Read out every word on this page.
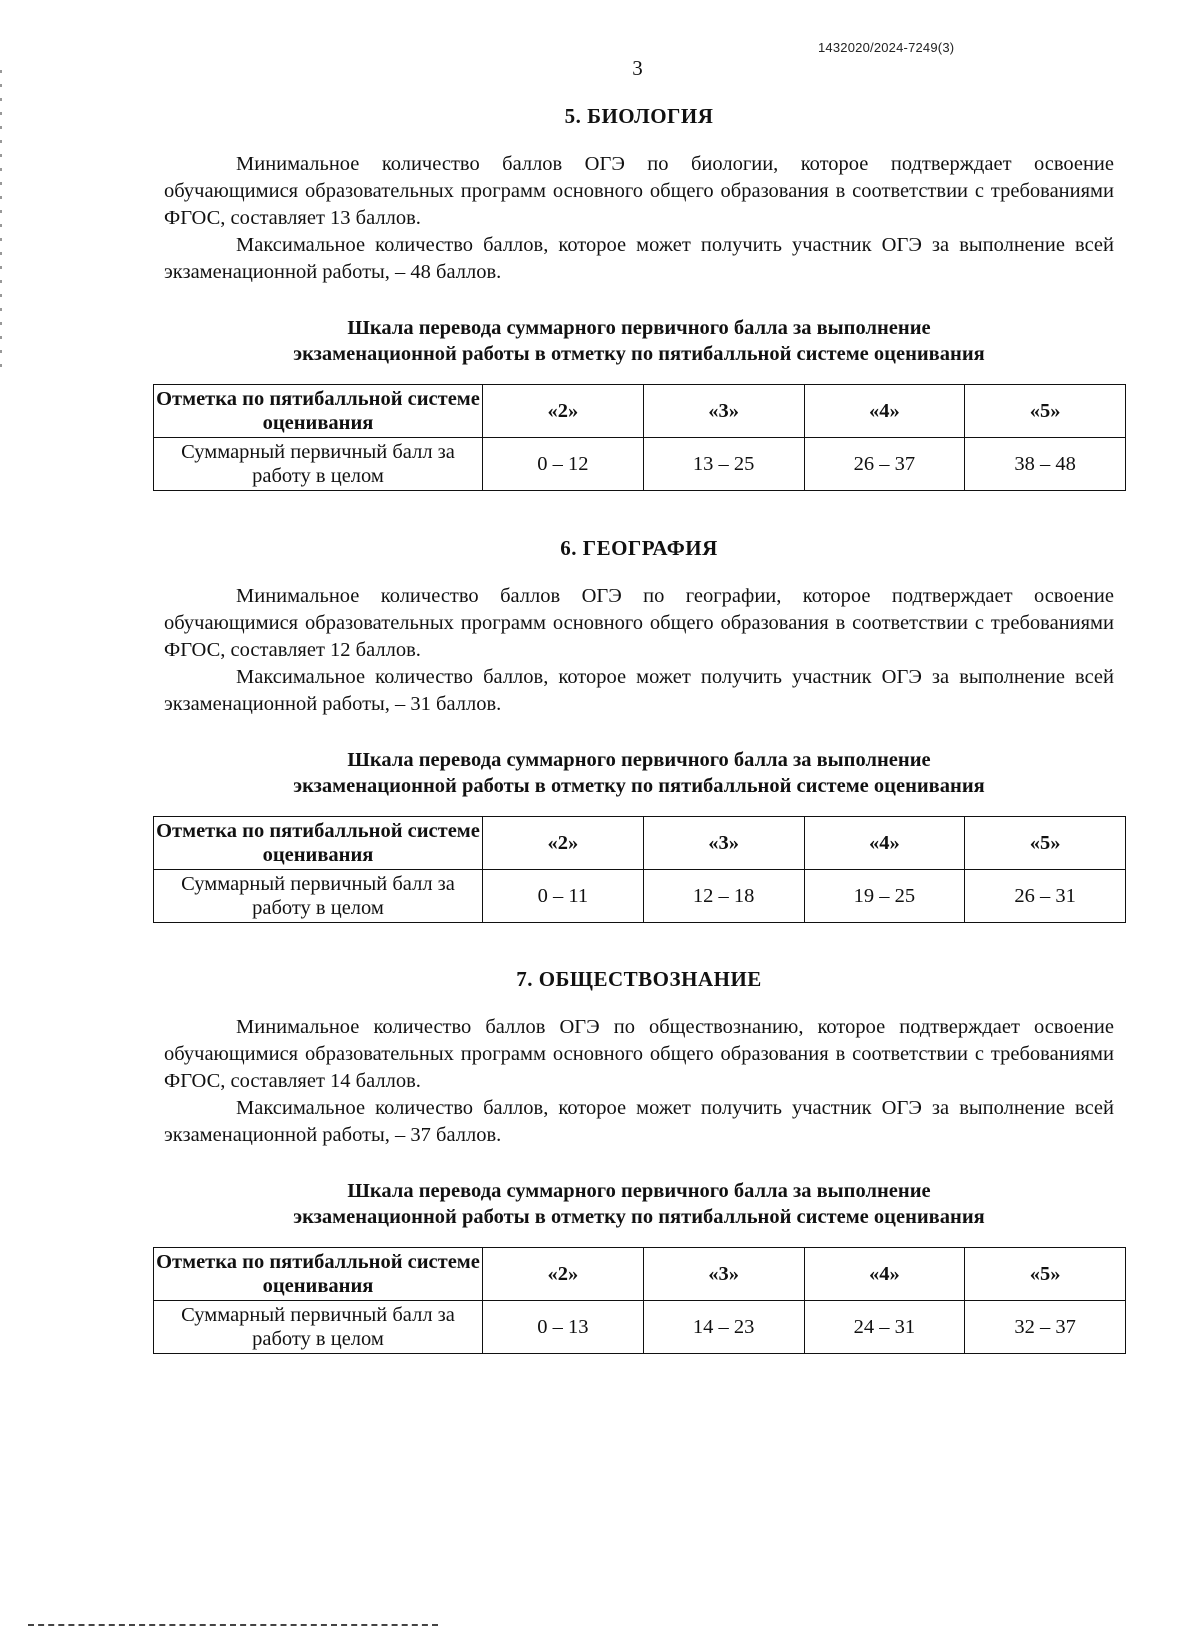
1432020/2024-7249(3)
3
5. БИОЛОГИЯ

Минимальное количество баллов ОГЭ по биологии, которое подтверждает освоение обучающимися образовательных программ основного общего образования в соответствии с требованиями ФГОС, составляет 13 баллов.

Максимальное количество баллов, которое может получить участник ОГЭ за выполнение всей экзаменационной работы, – 48 баллов.

Шкала перевода суммарного первичного балла за выполнение
экзаменационной работы в отметку по пятибалльной системе оценивания
Отметка по пятибалльной системе оценивания	«2»	«3»	«4»	«5»
Суммарный первичный балл за работу в целом	0 – 12	13 – 25	26 – 37	38 – 48
6. ГЕОГРАФИЯ

Минимальное количество баллов ОГЭ по географии, которое подтверждает освоение обучающимися образовательных программ основного общего образования в соответствии с требованиями ФГОС, составляет 12 баллов.

Максимальное количество баллов, которое может получить участник ОГЭ за выполнение всей экзаменационной работы, – 31 баллов.

Шкала перевода суммарного первичного балла за выполнение
экзаменационной работы в отметку по пятибалльной системе оценивания
Отметка по пятибалльной системе оценивания	«2»	«3»	«4»	«5»
Суммарный первичный балл за работу в целом	0 – 11	12 – 18	19 – 25	26 – 31
7. ОБЩЕСТВОЗНАНИЕ

Минимальное количество баллов ОГЭ по обществознанию, которое подтверждает освоение обучающимися образовательных программ основного общего образования в соответствии с требованиями ФГОС, составляет 14 баллов.

Максимальное количество баллов, которое может получить участник ОГЭ за выполнение всей экзаменационной работы, – 37 баллов.

Шкала перевода суммарного первичного балла за выполнение
экзаменационной работы в отметку по пятибалльной системе оценивания
Отметка по пятибалльной системе оценивания	«2»	«3»	«4»	«5»
Суммарный первичный балл за работу в целом	0 – 13	14 – 23	24 – 31	32 – 37
